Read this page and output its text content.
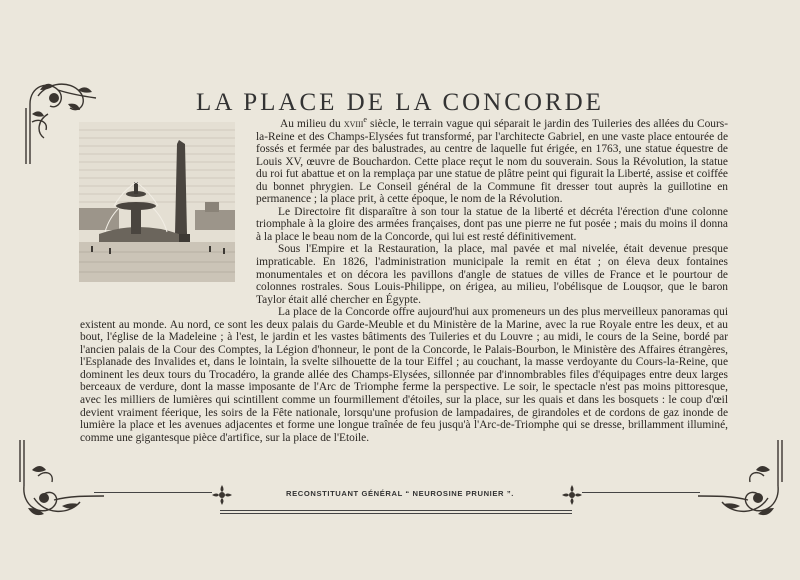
LA PLACE DE LA CONCORDE

Au milieu du xviii$^e$ siècle, le terrain vague qui séparait le jardin des Tuileries des allées du Cours-la-Reine et des Champs-Elysées fut transformé, par l'architecte Gabriel, en une vaste place entourée de fossés et fermée par des balustrades, au centre de laquelle fut érigée, en 1763, une statue équestre de Louis XV, œuvre de Bouchardon. Cette place reçut le nom du souverain. Sous la Révolution, la statue du roi fut abattue et on la remplaça par une statue de plâtre peint qui figurait la Liberté, assise et coiffée du bonnet phrygien. Le Conseil général de la Commune fit dresser tout auprès la guillotine en permanence ; la place prit, à cette époque, le nom de la Révolution.

Le Directoire fit disparaître à son tour la statue de la liberté et décréta l'érection d'une colonne triomphale à la gloire des armées françaises, dont pas une pierre ne fut posée ; mais du moins il donna à la place le beau nom de la Concorde, qui lui est resté définitivement.

Sous l'Empire et la Restauration, la place, mal pavée et mal nivelée, était devenue presque impraticable. En 1826, l'administration municipale la remit en état ; on éleva deux fontaines monumentales et on décora les pavillons d'angle de statues de villes de France et le pourtour de colonnes rostrales. Sous Louis-Philippe, on érigea, au milieu, l'obélisque de Louqsor, que le baron Taylor était allé chercher en Égypte.

La place de la Concorde offre aujourd'hui aux promeneurs un des plus merveilleux panoramas qui existent au monde. Au nord, ce sont les deux palais du Garde-Meuble et du Ministère de la Marine, avec la rue Royale entre les deux, et au bout, l'église de la Madeleine ; à l'est, le jardin et les vastes bâtiments des Tuileries et du Louvre ; au midi, le cours de la Seine, bordé par l'ancien palais de la Cour des Comptes, la Légion d'honneur, le pont de la Concorde, le Palais-Bourbon, le Ministère des Affaires étrangères, l'Esplanade des Invalides et, dans le lointain, la svelte silhouette de la tour Eiffel ; au couchant, la masse verdoyante du Cours-la-Reine, que dominent les deux tours du Trocadéro, la grande allée des Champs-Elysées, sillonnée par d'innombrables files d'équipages entre deux larges berceaux de verdure, dont la masse imposante de l'Arc de Triomphe ferme la perspective. Le soir, le spectacle n'est pas moins pittoresque, avec les milliers de lumières qui scintillent comme un fourmillement d'étoiles, sur la place, sur les quais et dans les bosquets : le coup d'œil devient vraiment féerique, les soirs de la Fête nationale, lorsqu'une profusion de lampadaires, de girandoles et de cordons de gaz inonde de lumière la place et les avenues adjacentes et forme une longue traînée de feu jusqu'à l'Arc-de-Triomphe qui se dresse, brillamment illuminé, comme une gigantesque pièce d'artifice, sur la place de l'Etoile.

RECONSTITUANT GÉNÉRAL “ NEUROSINE PRUNIER ”.
